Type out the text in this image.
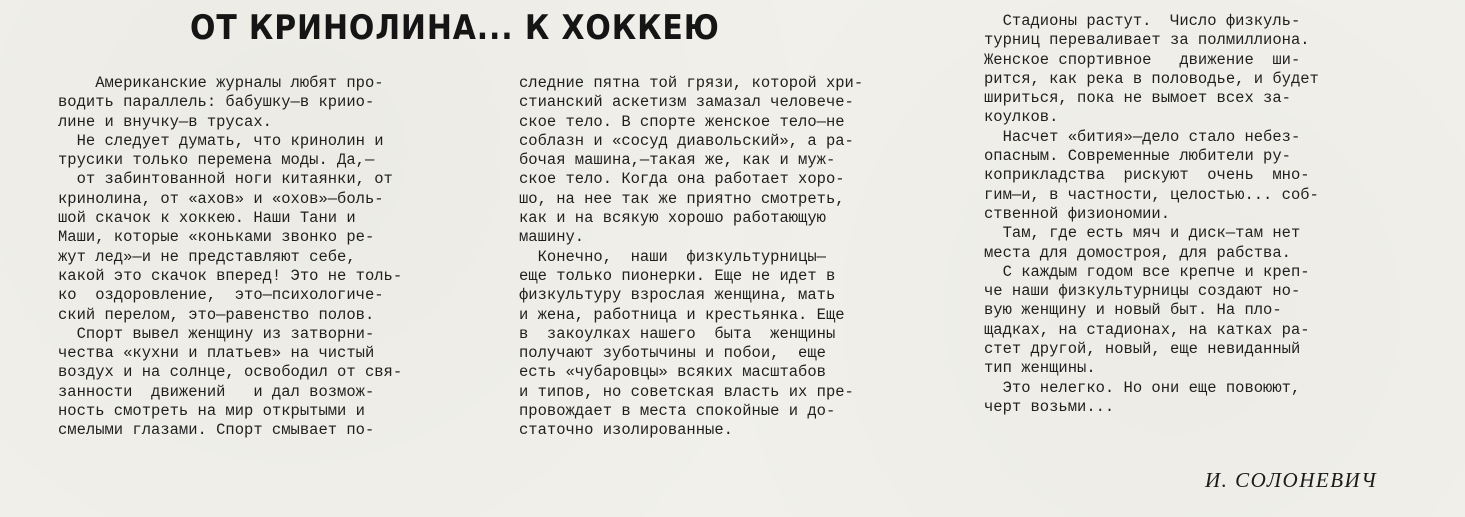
ОТ КРИНОЛИНА... К ХОККЕЮ
Американские журналы любят про-
водить параллель: бабушку—в криио-
лине и внучку—в трусах.
Не следует думать, что кринолин и
трусики только перемена моды. Да,—
от забинтованной ноги китаянки, от
кринолина, от «ахов» и «охов»—боль-
шой скачок к хоккею. Наши Тани и
Маши, которые «коньками звонко ре-
жут лед»—и не представляют себе,
какой это скачок вперед! Это не толь-
ко  оздоровление,  это—психологиче-
ский перелом, это—равенство полов.
Спорт вывел женщину из затворни-
чества «кухни и платьев» на чистый
воздух и на солнце, освободил от свя-
занности  движений   и дал возмож-
ность смотреть на мир открытыми и
смелыми глазами. Спорт смывает по-
следние пятна той грязи, которой хри-
стианский аскетизм замазал человече-
ское тело. В спорте женское тело—не
соблазн и «сосуд диавольский», а ра-
бочая машина,—такая же, как и муж-
ское тело. Когда она работает хоро-
шо, на нее так же приятно смотреть,
как и на всякую хорошо работающую
машину.
Конечно,  наши  физкультурницы—
еще только пионерки. Еще не идет в
физкультуру взрослая женщина, мать
и жена, работница и крестьянка. Еще
в  закоулках нашего  быта  женщины
получают зуботычины и побои,  еще
есть «чубаровцы» всяких масштабов
и типов, но советская власть их пре-
провождает в места спокойные и до-
статочно изолированные.
Стадионы растут.  Число физкуль-
турниц переваливает за полмиллиона.
Женское спортивное   движение  ши-
рится, как река в половодье, и будет
шириться, пока не вымоет всех за-
коулков.
Насчет «бития»—дело стало небез-
опасным. Современные любители ру-
коприкладства  рискуют  очень  мно-
гим—и, в частности, целостью... соб-
ственной физиономии.
Там, где есть мяч и диск—там нет
места для домостроя, для рабства.
С каждым годом все крепче и креп-
че наши физкультурницы создают но-
вую женщину и новый быт. На пло-
щадках, на стадионах, на катках ра-
стет другой, новый, еще невиданный
тип женщины.
Это нелегко. Но они еще повоюют,
черт возьми...
И. СОЛОНЕВИЧ
